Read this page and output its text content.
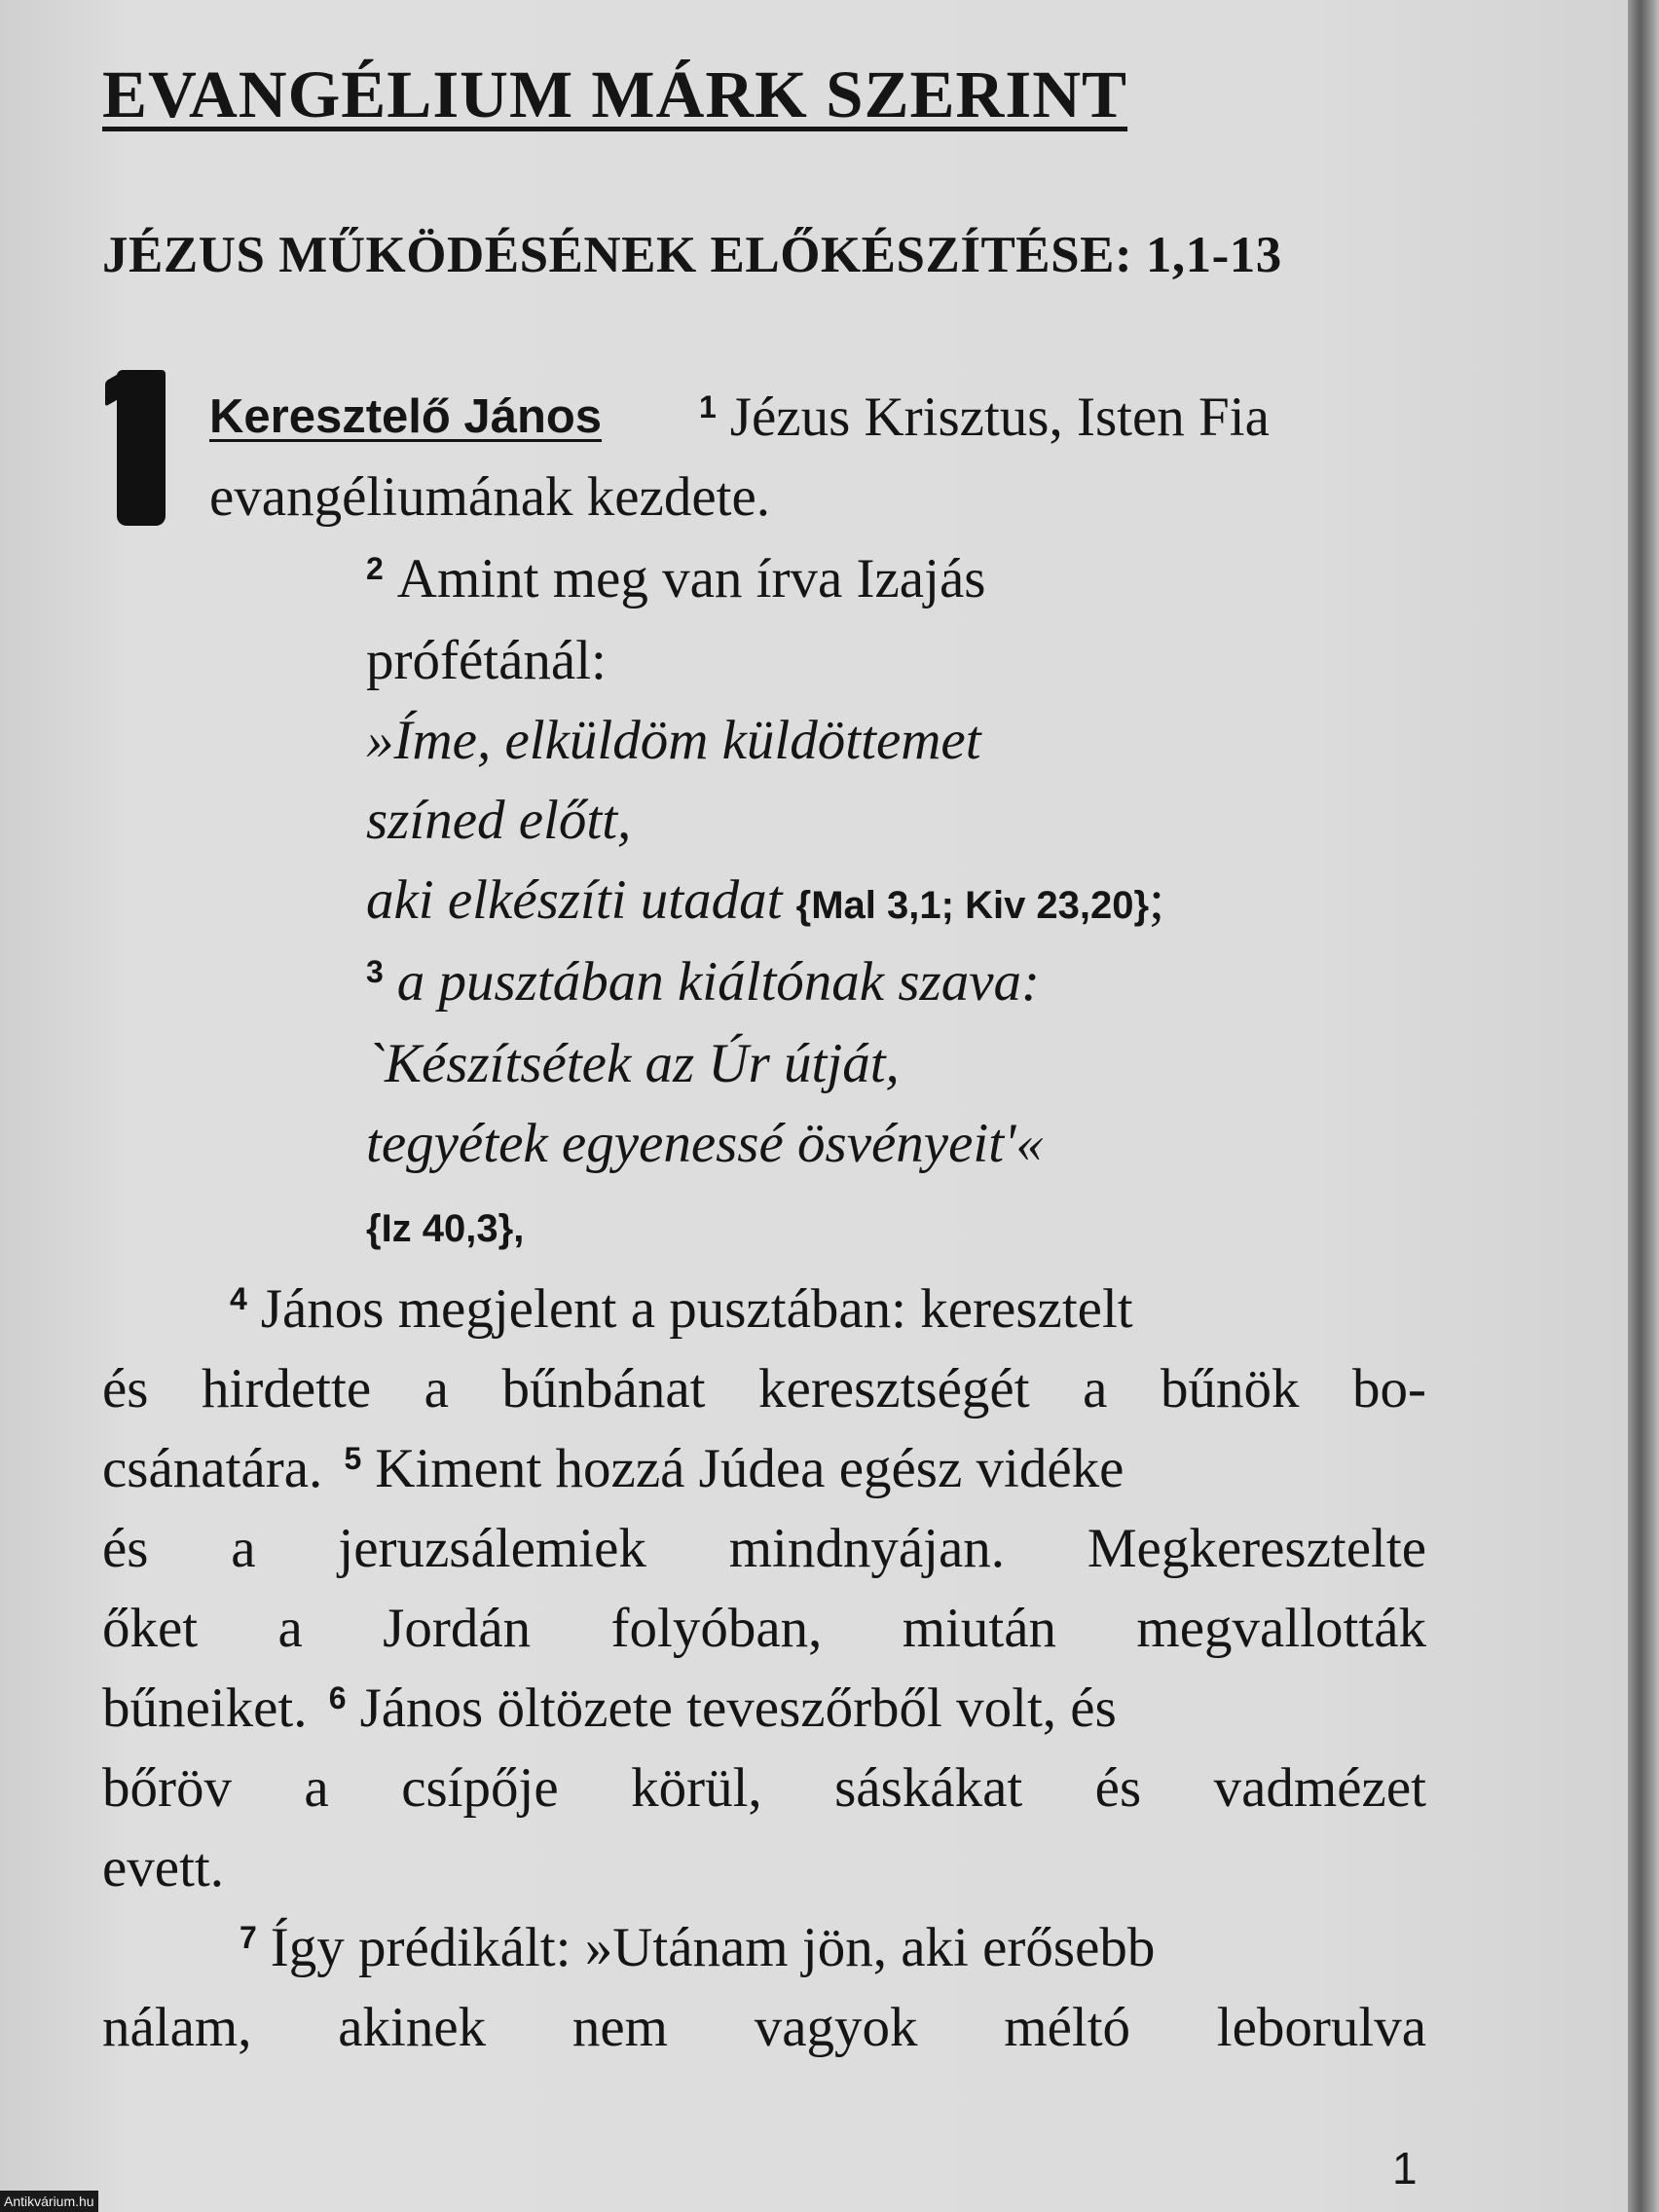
EVANGÉLIUM MÁRK SZERINT
JÉZUS MŰKÖDÉSÉNEK ELŐKÉSZÍTÉSE: 1,1-13
Keresztelő János	$^1$ Jézus Krisztus, Isten Fia
evangéliumának kezdete.
$^2$ Amint meg van írva Izajás
prófétánál:
»Íme, elküldöm küldöttemet
színed előtt,
aki elkészíti utadat {Mal 3,1; Kiv 23,20};
$^3$ a pusztában kiáltónak szava:
`Készítsétek az Úr útját,
tegyétek egyenessé ösvényeit'«
{Iz 40,3},
$^4$ János megjelent a pusztában: keresztelt
és hirdette a bűnbánat keresztségét a bűnök bo-
csánatára. $^5$ Kiment hozzá Júdea egész vidéke
és a jeruzsálemiek mindnyájan. Megkeresztelte
őket a Jordán folyóban, miután megvallották
bűneiket. $^6$ János öltözete teveszőrből volt, és
bőröv a csípője körül, sáskákat és vadmézet
evett.
$^7$ Így prédikált: »Utánam jön, aki erősebb
nálam, akinek nem vagyok méltó leborulva
1
Antikvárium.hu
